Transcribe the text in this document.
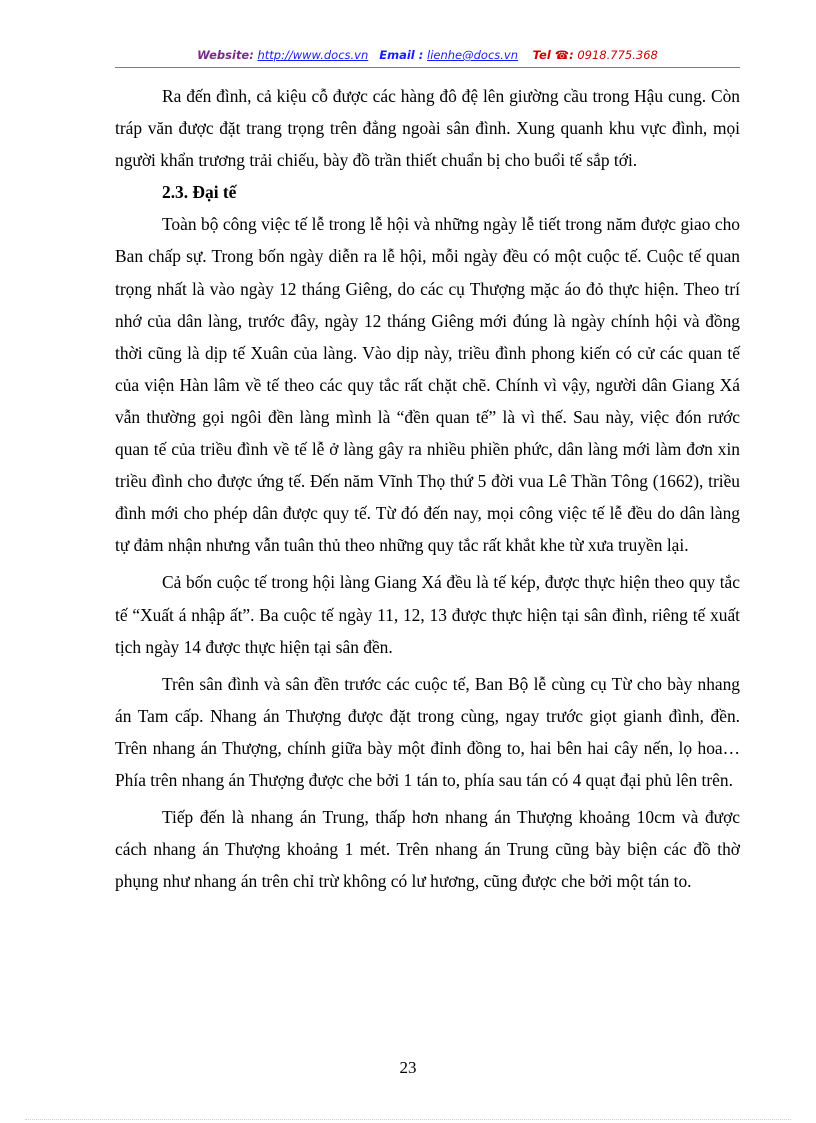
Website: http://www.docs.vn Email : lienhe@docs.vn Tel ☎: 0918.775.368

Ra đến đình, cả kiệu cỗ được các hàng đô đệ lên giường cầu trong Hậu cung. Còn tráp văn được đặt trang trọng trên đẳng ngoài sân đình. Xung quanh khu vực đình, mọi người khẩn trương trải chiếu, bày đồ trần thiết chuẩn bị cho buổi tế sắp tới.

2.3. Đại tế

Toàn bộ công việc tế lễ trong lễ hội và những ngày lễ tiết trong năm được giao cho Ban chấp sự. Trong bốn ngày diễn ra lễ hội, mỗi ngày đều có một cuộc tế. Cuộc tế quan trọng nhất là vào ngày 12 tháng Giêng, do các cụ Thượng mặc áo đỏ thực hiện. Theo trí nhớ của dân làng, trước đây, ngày 12 tháng Giêng mới đúng là ngày chính hội và đồng thời cũng là dịp tế Xuân của làng. Vào dịp này, triều đình phong kiến có cử các quan tế của viện Hàn lâm về tế theo các quy tắc rất chặt chẽ. Chính vì vậy, người dân Giang Xá vẫn thường gọi ngôi đền làng mình là “đền quan tế” là vì thế. Sau này, việc đón rước quan tế của triều đình về tế lễ ở làng gây ra nhiều phiền phức, dân làng mới làm đơn xin triều đình cho được ứng tế. Đến năm Vĩnh Thọ thứ 5 đời vua Lê Thần Tông (1662), triều đình mới cho phép dân được quy tế. Từ đó đến nay, mọi công việc tế lễ đều do dân làng tự đảm nhận nhưng vẫn tuân thủ theo những quy tắc rất khắt khe từ xưa truyền lại.

Cả bốn cuộc tế trong hội làng Giang Xá đều là tế kép, được thực hiện theo quy tắc tế “Xuất á nhập ất”. Ba cuộc tế ngày 11, 12, 13 được thực hiện tại sân đình, riêng tế xuất tịch ngày 14 được thực hiện tại sân đền.

Trên sân đình và sân đền trước các cuộc tế, Ban Bộ lễ cùng cụ Từ cho bày nhang án Tam cấp. Nhang án Thượng được đặt trong cùng, ngay trước giọt gianh đình, đền. Trên nhang án Thượng, chính giữa bày một đỉnh đồng to, hai bên hai cây nến, lọ hoa…Phía trên nhang án Thượng được che bởi 1 tán to, phía sau tán có 4 quạt đại phủ lên trên.

Tiếp đến là nhang án Trung, thấp hơn nhang án Thượng khoảng 10cm và được cách nhang án Thượng khoảng 1 mét. Trên nhang án Trung cũng bày biện các đồ thờ phụng như nhang án trên chỉ trừ không có lư hương, cũng được che bởi một tán to.

23
